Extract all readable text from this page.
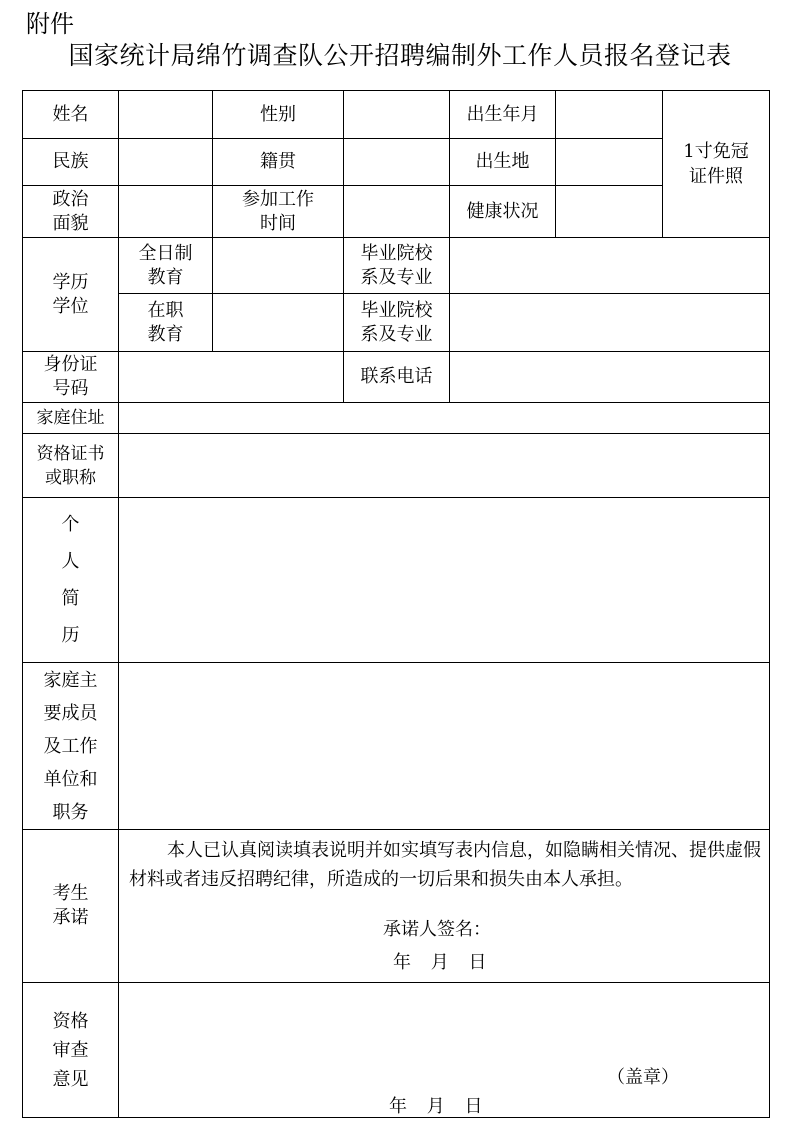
附件
国家统计局绵竹调查队公开招聘编制外工作人员报名登记表
姓名		性别		出生年月		1寸免冠证件照

民族		籍贯		出生地		

政治面貌		参加工作时间		健康状况		

学历学位	全日制教育		毕业院校系及专业			

	在职教育		毕业院校系及专业			

身份证号码			联系电话			
家庭住址						

资格证书或职称						

个
人
简
历						

家庭主
要成员
及工作
单位和
职务						

考生承诺	本人已认真阅读填表说明并如实填写表内信息，如隐瞒相关情况、提供虚假材料或者违反招聘纪律，所造成的一切后果和损失由本人承担。
承诺人签名：
年 月 日					

资格审查意见	（盖章）
年 月 日					
